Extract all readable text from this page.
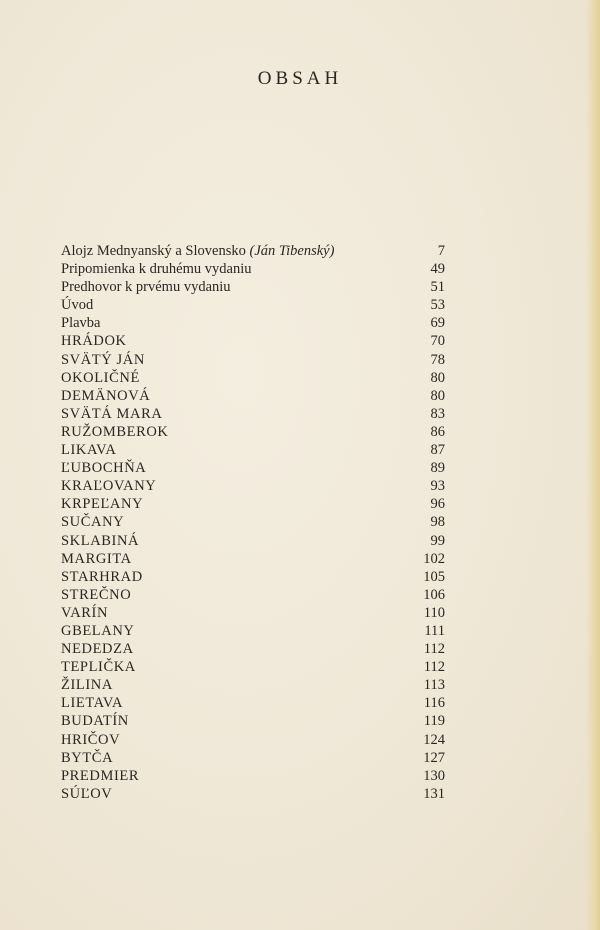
OBSAH
Alojz Mednyanský a Slovensko (Ján Tibenský)	7
Pripomienka k druhému vydaniu	49
Predhovor k prvému vydaniu	51
Úvod	53
Plavba	69
HRÁDOK	70
SVÄTÝ JÁN	78
OKOLIČNÉ	80
DEMÄNOVÁ	80
SVÄTÁ MARA	83
RUŽOMBEROK	86
LIKAVA	87
ĽUBOCHŇA	89
KRAĽOVANY	93
KRPEĽANY	96
SUČANY	98
SKLABINÁ	99
MARGITA	102
STARHRAD	105
STREČNO	106
VARÍN	110
GBELANY	111
NEDEDZA	112
TEPLIČKA	112
ŽILINA	113
LIETAVA	116
BUDATÍN	119
HRIČOV	124
BYTČA	127
PREDMIER	130
SÚĽOV	131
